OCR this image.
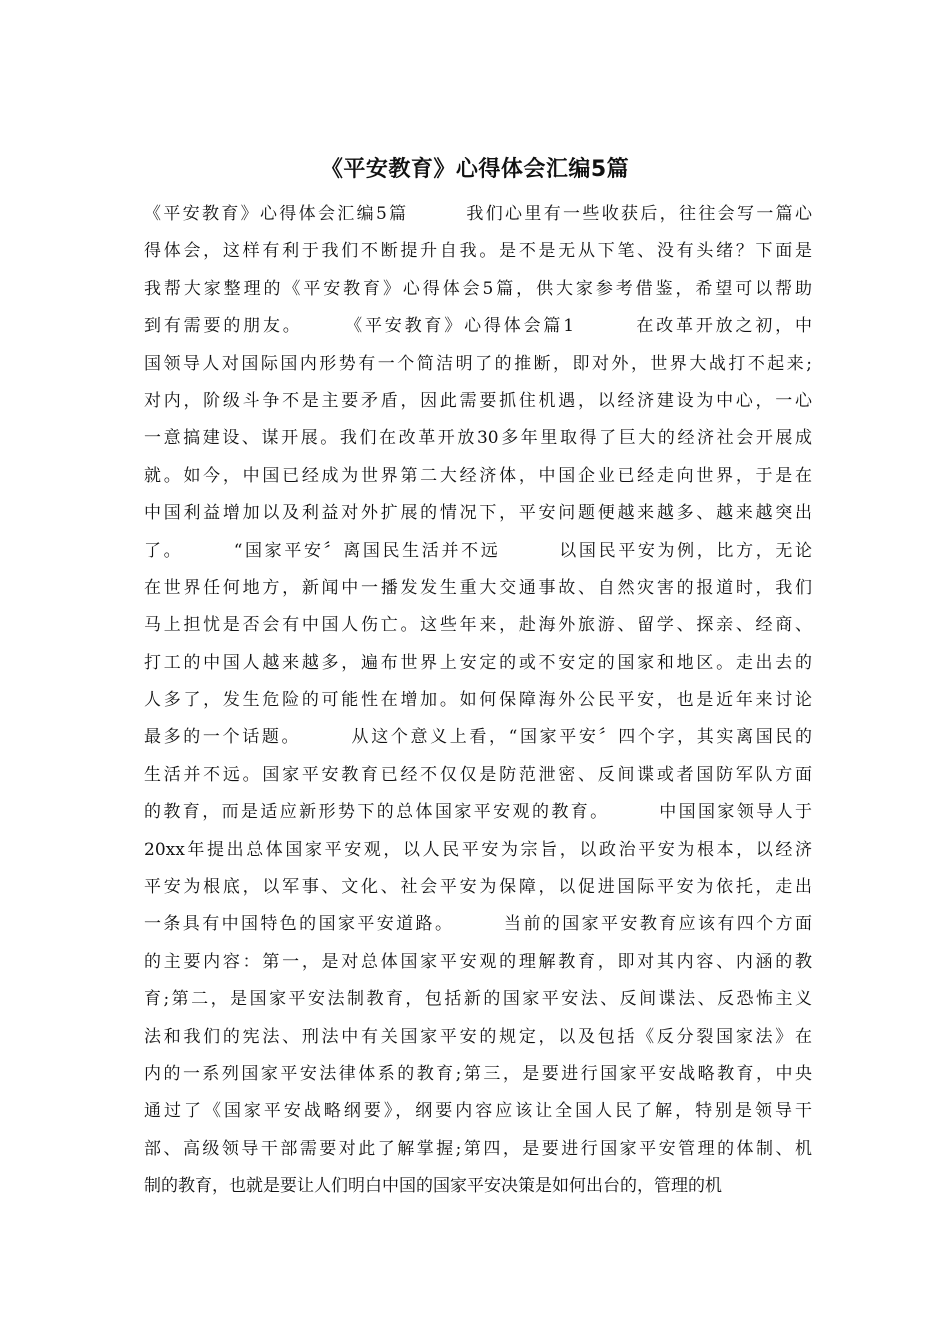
《平安教育》心得体会汇编5篇
《平安教育》心得体会汇编5篇　　　我们心里有一些收获后，往往会写一篇心
得体会，这样有利于我们不断提升自我。是不是无从下笔、没有头绪？下面是
我帮大家整理的《平安教育》心得体会5篇，供大家参考借鉴，希望可以帮助
到有需要的朋友。　　　《平安教育》心得体会篇1　　　在改革开放之初，中
国领导人对国际国内形势有一个简洁明了的推断，即对外，世界大战打不起来;
对内，阶级斗争不是主要矛盾，因此需要抓住机遇，以经济建设为中心，一心
一意搞建设、谋开展。我们在改革开放30多年里取得了巨大的经济社会开展成
就。如今，中国已经成为世界第二大经济体，中国企业已经走向世界，于是在
中国利益增加以及利益对外扩展的情况下，平安问题便越来越多、越来越突出
了。　　　“国家平安〞离国民生活并不远　　　以国民平安为例，比方，无论
在世界任何地方，新闻中一播发发生重大交通事故、自然灾害的报道时，我们
马上担忧是否会有中国人伤亡。这些年来，赴海外旅游、留学、探亲、经商、
打工的中国人越来越多，遍布世界上安定的或不安定的国家和地区。走出去的
人多了，发生危险的可能性在增加。如何保障海外公民平安，也是近年来讨论
最多的一个话题。　　　从这个意义上看，“国家平安〞四个字，其实离国民的
生活并不远。国家平安教育已经不仅仅是防范泄密、反间谍或者国防军队方面
的教育，而是适应新形势下的总体国家平安观的教育。　　　中国国家领导人于
20xx年提出总体国家平安观，以人民平安为宗旨，以政治平安为根本，以经济
平安为根底，以军事、文化、社会平安为保障，以促进国际平安为依托，走出
一条具有中国特色的国家平安道路。　　　当前的国家平安教育应该有四个方面
的主要内容：第一，是对总体国家平安观的理解教育，即对其内容、内涵的教
育;第二，是国家平安法制教育，包括新的国家平安法、反间谍法、反恐怖主义
法和我们的宪法、刑法中有关国家平安的规定，以及包括《反分裂国家法》在
内的一系列国家平安法律体系的教育;第三，是要进行国家平安战略教育，中央
通过了《国家平安战略纲要》，纲要内容应该让全国人民了解，特别是领导干
部、高级领导干部需要对此了解掌握;第四，是要进行国家平安管理的体制、机
制的教育，也就是要让人们明白中国的国家平安决策是如何出台的，管理的机
